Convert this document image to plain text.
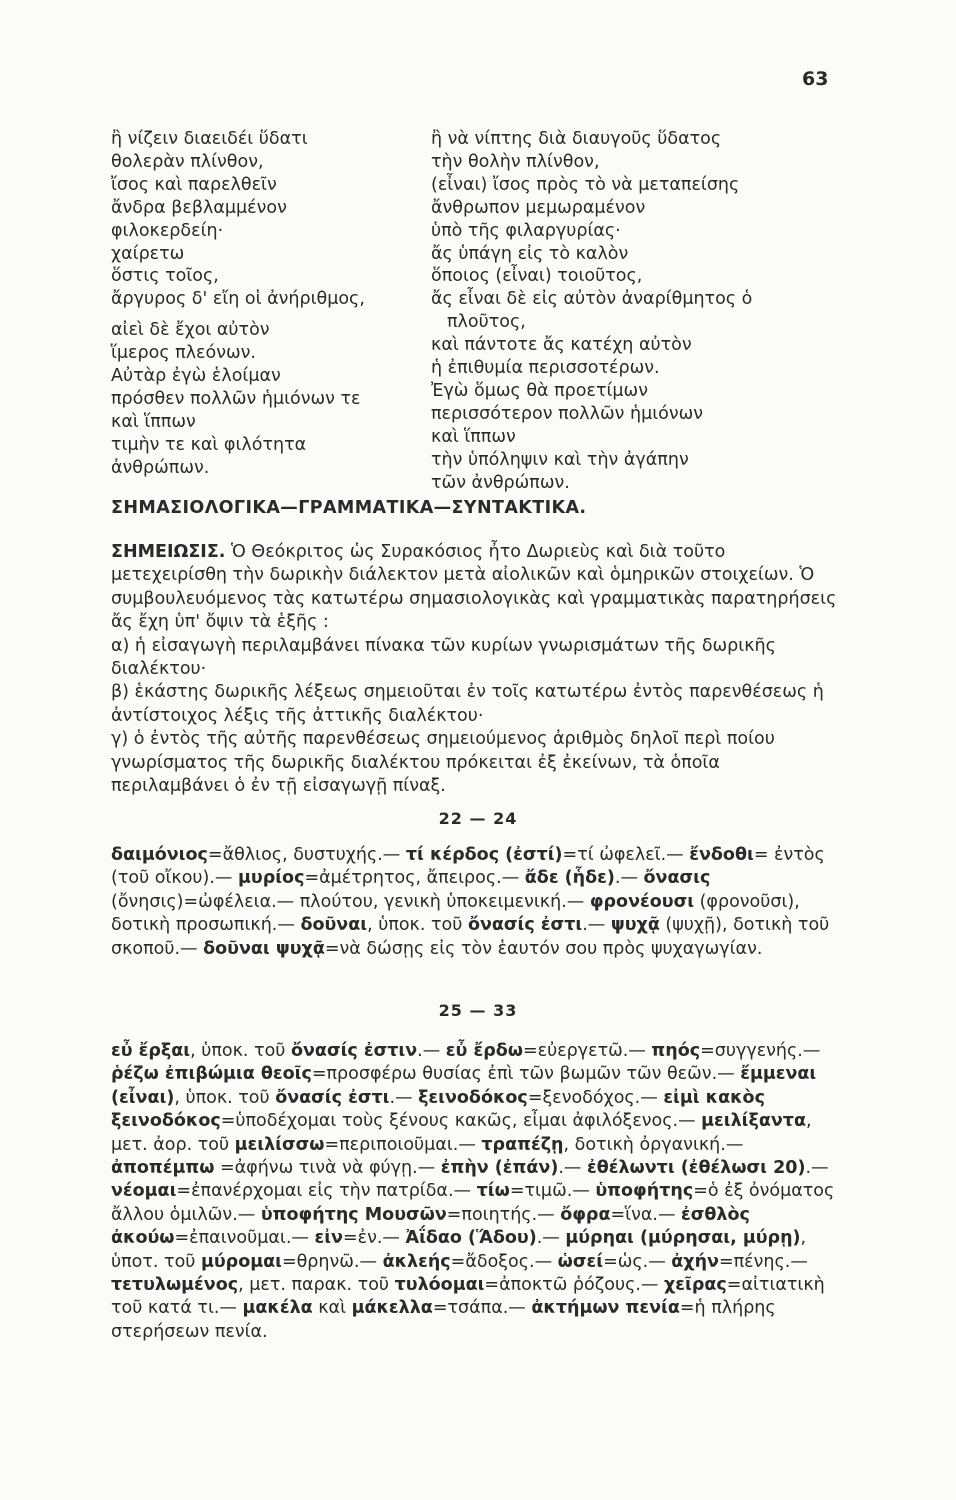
63
ἢ νίζειν διαειδέι ὕδατι
θολερὰν πλίνθον,
ἴσος καὶ παρελθεῖν
ἄνδρα βεβλαμμένον
φιλοκερδείη·
χαίρετω
ὅστις τοῖος,
ἄργυρος δ' εἴη οἱ ἀνήριθμος,
αἰεὶ δὲ ἔχοι αὐτὸν
ἵμερος πλεόνων.
Αὐτὰρ ἐγὼ ἑλοίμαν
πρόσθεν πολλῶν ἡμιόνων τε
καὶ ἵππων
τιμὴν τε καὶ φιλότητα
ἀνθρώπων.
ἢ νὰ νίπτης διὰ διαυγοῦς ὕδατος
τὴν θολὴν πλίνθον,
(εἶναι) ἴσος πρὸς τὸ νὰ μεταπείσης
ἄνθρωπον μεμωραμένον
ὑπὸ τῆς φιλαργυρίας·
ἄς ὑπάγη εἰς τὸ καλὸν
ὅποιος (εἶναι) τοιοῦτος,
ἄς εἶναι δὲ εἰς αὐτὸν ἀναρίθμητος ὁ
πλοῦτος,
καὶ πάντοτε ἄς κατέχη αὐτὸν
ἡ ἐπιθυμία περισσοτέρων.
Ἐγὼ ὅμως θὰ προετίμων
περισσότερον πολλῶν ἡμιόνων
καὶ ἵππων
τὴν ὑπόληψιν καὶ τὴν ἀγάπην
τῶν ἀνθρώπων.
ΣΗΜΑΣΙΟΛΟΓΙΚΑ—ΓΡΑΜΜΑΤΙΚΑ—ΣΥΝΤΑΚΤΙΚΑ.
ΣΗΜΕΙΩΣΙΣ. Ὁ Θεόκριτος ὡς Συρακόσιος ἦτο Δωριεὺς καὶ διὰ τοῦτο μετεχειρίσθη τὴν δωρικὴν διάλεκτον μετὰ αἰολικῶν καὶ ὁμηρικῶν στοιχείων. Ὁ συμβουλευόμενος τὰς κατωτέρω σημασιολογικὰς καὶ γραμματικὰς παρατηρήσεις ἄς ἔχη ὑπ' ὄψιν τὰ ἑξῆς :
α) ἡ εἰσαγωγὴ περιλαμβάνει πίνακα τῶν κυρίων γνωρισμάτων τῆς δωρικῆς διαλέκτου·
β) ἑκάστης δωρικῆς λέξεως σημειοῦται ἐν τοῖς κατωτέρω ἐντὸς παρενθέσεως ἡ ἀντίστοιχος λέξις τῆς ἀττικῆς διαλέκτου·
γ) ὁ ἐντὸς τῆς αὐτῆς παρενθέσεως σημειούμενος ἀριθμὸς δηλοῖ περὶ ποίου γνωρίσματος τῆς δωρικῆς διαλέκτου πρόκειται ἐξ ἐκείνων, τὰ ὁποῖα περιλαμβάνει ὁ ἐν τῇ εἰσαγωγῇ πίναξ.
22 — 24
δαιμόνιος=ἄθλιος, δυστυχής.— τί κέρδος (ἐστί)=τί ὠφελεῖ.— ἔνδοθι= ἐντὸς (τοῦ οἴκου).— μυρίος=ἀμέτρητος, ἄπειρος.— ἄδε (ἧδε).— ὄνασις (ὄνησις)=ὠφέλεια.— πλούτου, γενικὴ ὑποκειμενική.— φρονέουσι (φρονοῦσι), δοτικὴ προσωπική.— δοῦναι, ὑποκ. τοῦ ὄνασίς ἐστι.— ψυχᾷ (ψυχῇ), δοτικὴ τοῦ σκοποῦ.— δοῦναι ψυχᾷ=νὰ δώσῃς εἰς τὸν ἑαυτόν σου πρὸς ψυχαγωγίαν.
25 — 33
εὖ ἔρξαι, ὑποκ. τοῦ ὄνασίς ἐστιν.— εὖ ἔρδω=εὐεργετῶ.— πηός=συγγενής.— ῥέζω ἐπιβώμια θεοῖς=προσφέρω θυσίας ἐπὶ τῶν βωμῶν τῶν θεῶν.— ἔμμεναι (εἶναι), ὑποκ. τοῦ ὄνασίς ἐστι.— ξεινοδόκος=ξενοδόχος.— εἰμὶ κακὸς ξεινοδόκος=ὑποδέχομαι τοὺς ξένους κακῶς, εἶμαι ἀφιλόξενος.— μειλίξαντα, μετ. ἀορ. τοῦ μειλίσσω=περιποιοῦμαι.— τραπέζῃ, δοτικὴ ὀργανική.— ἀποπέμπω =ἀφήνω τινὰ νὰ φύγῃ.— ἐπὴν (ἐπάν).— ἐθέλωντι (ἐθέλωσι 20).— νέομαι=ἐπανέρχομαι εἰς τὴν πατρίδα.— τίω=τιμῶ.— ὑποφήτης=ὁ ἐξ ὀνόματος ἄλλου ὁμιλῶν.— ὑποφήτης Μουσῶν=ποιητής.— ὄφρα=ἵνα.— ἐσθλὸς ἀκούω=ἐπαινοῦμαι.— εἰν=ἐν.— Ἀΐδαο (Ἅδου).— μύρηαι (μύρησαι, μύρῃ), ὑποτ. τοῦ μύρομαι=θρηνῶ.— ἀκλεής=ἄδοξος.— ὡσεί=ὡς.— ἀχήν=πένης.— τετυλωμένος, μετ. παρακ. τοῦ τυλόομαι=ἀποκτῶ ῥόζους.— χεῖρας=αἰτιατικὴ τοῦ κατά τι.— μακέλα καὶ μάκελλα=τσάπα.— ἀκτήμων πενία=ἡ πλήρης στερήσεων πενία.
